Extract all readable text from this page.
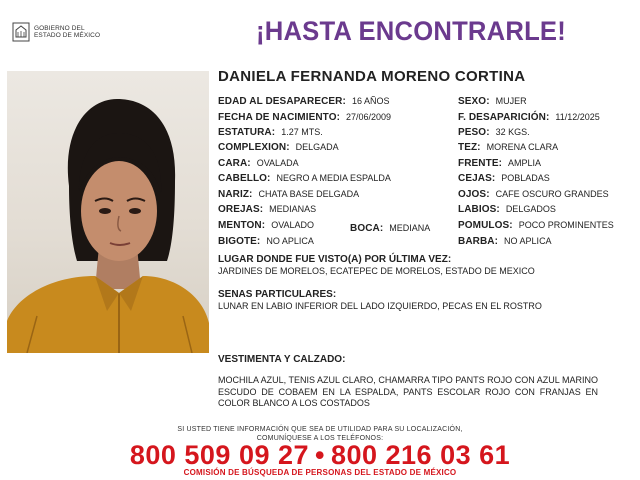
GOBIERNO DEL
ESTADO DE MÉXICO	¡HASTA ENCONTRARLE!
DANIELA FERNANDA MORENO CORTINA
EDAD AL DESAPARECER: 16 AÑOS
FECHA DE NACIMIENTO: 27/06/2009
ESTATURA: 1.27 MTS.
COMPLEXION: DELGADA
CARA: OVALADA
CABELLO: NEGRO A MEDIA ESPALDA
NARIZ: CHATA BASE DELGADA
OREJAS: MEDIANAS
MENTON: OVALADO	BOCA: MEDIANA
BIGOTE: NO APLICA
SEXO: MUJER
F. DESAPARICIÓN: 11/12/2025
PESO: 32 KGS.
TEZ: MORENA CLARA
FRENTE: AMPLIA
CEJAS: POBLADAS
OJOS: CAFE OSCURO GRANDES
LABIOS: DELGADOS
POMULOS: POCO PROMINENTES
BARBA: NO APLICA
LUGAR DONDE FUE VISTO(A) POR ÚLTIMA VEZ:
JARDINES DE MORELOS, ECATEPEC DE MORELOS, ESTADO DE MEXICO
SENAS PARTICULARES:
LUNAR EN LABIO INFERIOR DEL LADO IZQUIERDO, PECAS EN EL ROSTRO
VESTIMENTA Y CALZADO:
MOCHILA AZUL, TENIS AZUL CLARO, CHAMARRA TIPO PANTS ROJO CON AZUL MARINO ESCUDO DE COBAEM EN LA ESPALDA, PANTS ESCOLAR ROJO CON FRANJAS EN COLOR BLANCO A LOS COSTADOS
SI USTED TIENE INFORMACIÓN QUE SEA DE UTILIDAD PARA SU LOCALIZACIÓN,
COMUNÍQUESE A LOS TELÉFONOS:
800 509 09 27 • 800 216 03 61
COMISIÓN DE BÚSQUEDA DE PERSONAS DEL ESTADO DE MÉXICO
